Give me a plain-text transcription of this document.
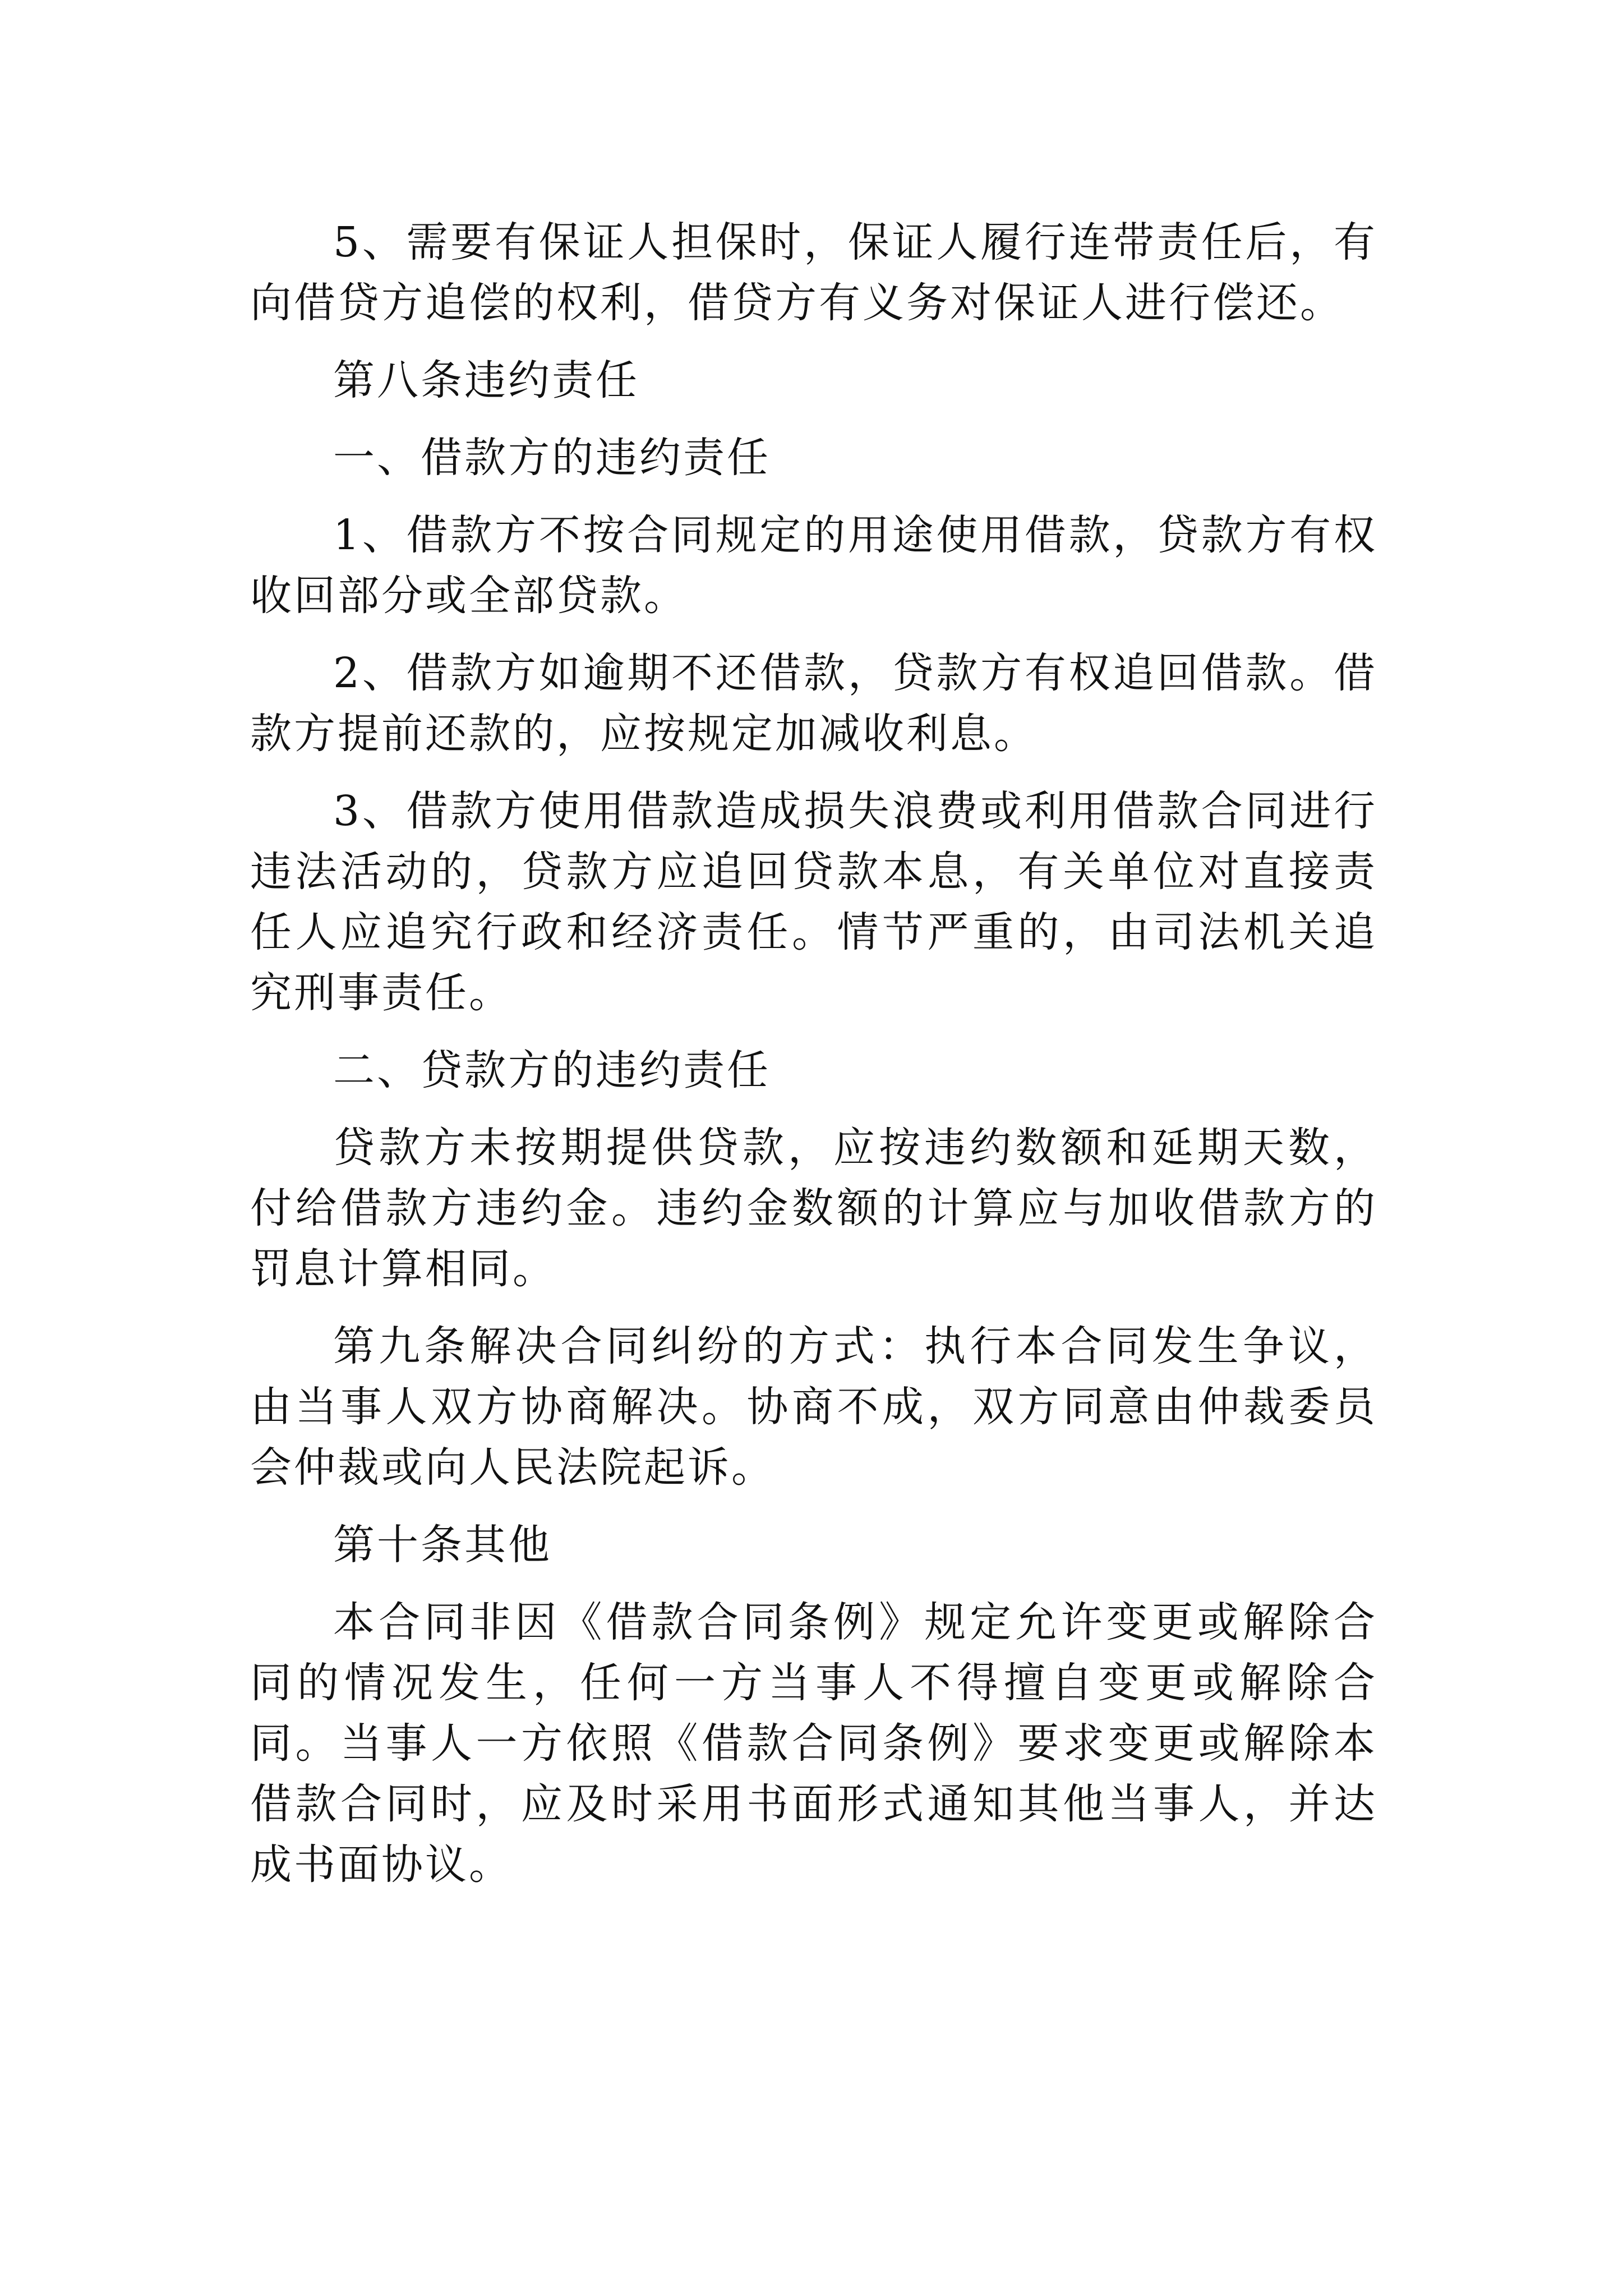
5、需要有保证人担保时，保证人履行连带责任后，有向借贷方追偿的权利，借贷方有义务对保证人进行偿还。

第八条违约责任

一、借款方的违约责任

1、借款方不按合同规定的用途使用借款，贷款方有权收回部分或全部贷款。

2、借款方如逾期不还借款，贷款方有权追回借款。借款方提前还款的，应按规定加减收利息。

3、借款方使用借款造成损失浪费或利用借款合同进行违法活动的，贷款方应追回贷款本息，有关单位对直接责任人应追究行政和经济责任。情节严重的，由司法机关追究刑事责任。

二、贷款方的违约责任

贷款方未按期提供贷款，应按违约数额和延期天数，付给借款方违约金。违约金数额的计算应与加收借款方的罚息计算相同。

第九条解决合同纠纷的方式：执行本合同发生争议，由当事人双方协商解决。协商不成，双方同意由仲裁委员会仲裁或向人民法院起诉。

第十条其他

本合同非因《借款合同条例》规定允许变更或解除合同的情况发生，任何一方当事人不得擅自变更或解除合同。当事人一方依照《借款合同条例》要求变更或解除本借款合同时，应及时采用书面形式通知其他当事人，并达成书面协议。
